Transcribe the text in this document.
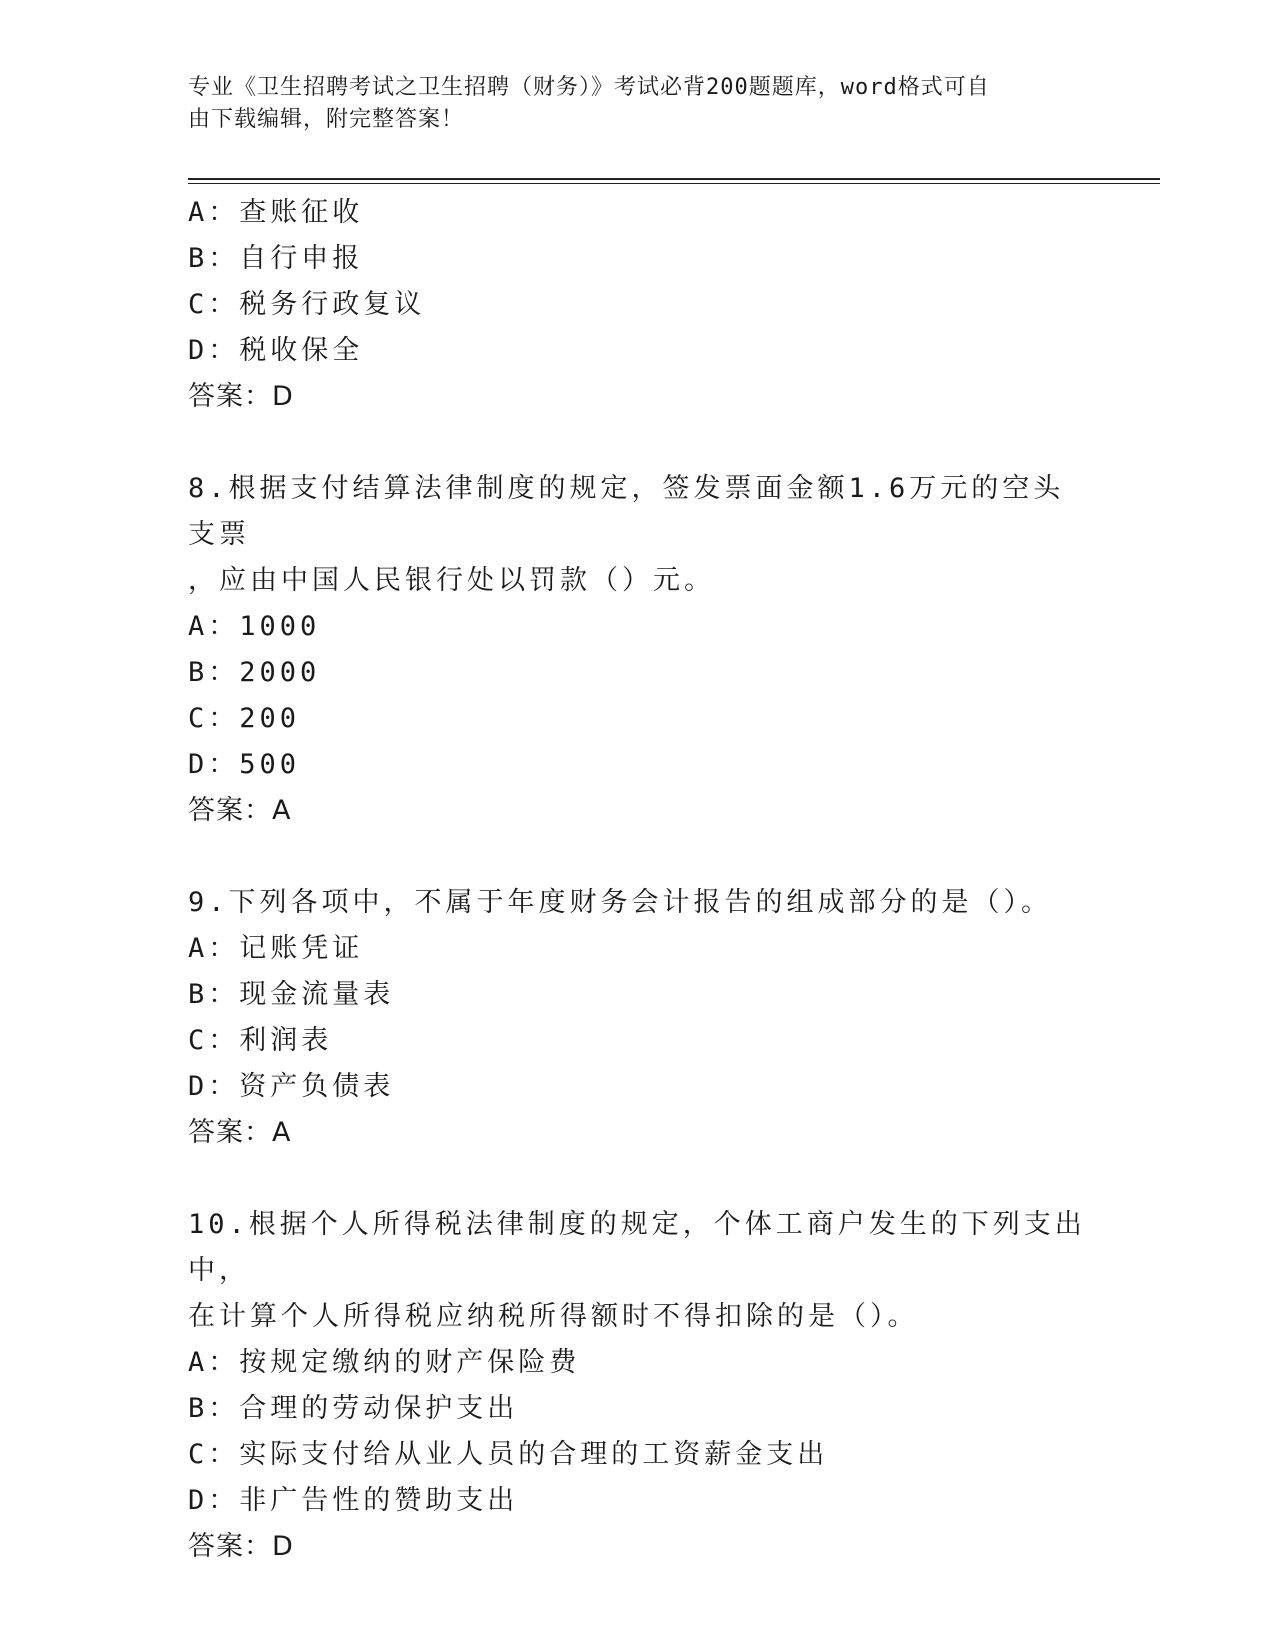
专业《卫生招聘考试之卫生招聘（财务）》考试必背200题题库，word格式可自
由下载编辑，附完整答案！
A：查账征收
B：自行申报
C：税务行政复议
D：税收保全
答案：D
8.根据支付结算法律制度的规定，签发票面金额1.6万元的空头支票
，应由中国人民银行处以罚款（）元。
A：1000
B：2000
C：200
D：500
答案：A
9.下列各项中，不属于年度财务会计报告的组成部分的是（）。
A：记账凭证
B：现金流量表
C：利润表
D：资产负债表
答案：A
10.根据个人所得税法律制度的规定，个体工商户发生的下列支出中，
在计算个人所得税应纳税所得额时不得扣除的是（）。
A：按规定缴纳的财产保险费
B：合理的劳动保护支出
C：实际支付给从业人员的合理的工资薪金支出
D：非广告性的赞助支出
答案：D
